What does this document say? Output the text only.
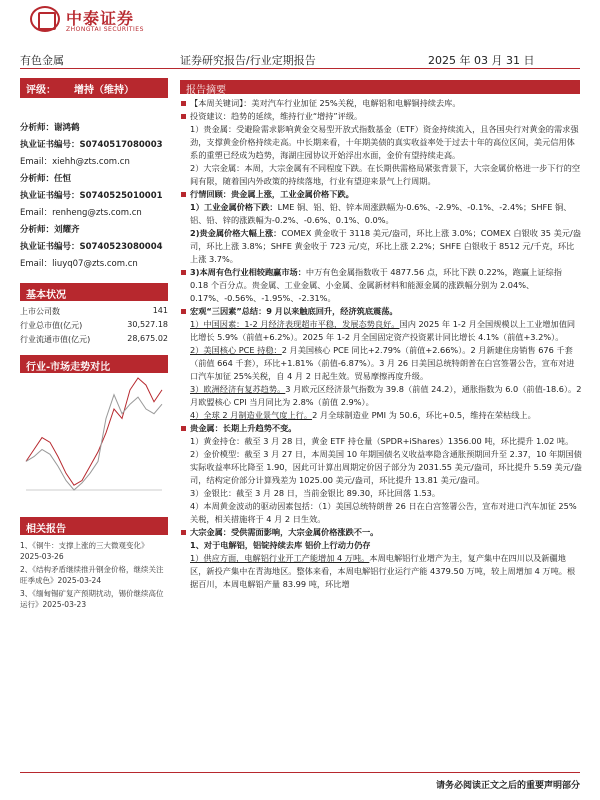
中泰证券
ZHONGTAI SECURITIES
有色金属	证券研究报告/行业定期报告	2025 年 03 月 31 日
评级： 增持（维持）
分析师：谢鸿鹤
执业证书编号：S0740517080003
Email：xiehh@zts.com.cn
分析师：任恒
执业证书编号：S0740525010001
Email：renheng@zts.com.cn
分析师：刘耀齐
执业证书编号：S0740523080004
Email：liuyq07@zts.com.cn
基本状况
上市公司数	141
行业总市值(亿元)	30,527.18
行业流通市值(亿元)	28,675.02
行业-市场走势对比
相关报告
1、《铜牛：支撑上涨的三大微观变化》2025-03-26
2、《结构矛盾继续推升钢金价格，继续关注旺季成色》2025-03-24
3、《缅甸锡矿复产预期扰动，锡价继续高位运行》2025-03-23
报告摘要
【本周关键词】：美对汽车行业加征 25%关税，电解铝和电解铜持续去库。
投资建议：趋势的延续，维持行业“增持”评级。
1）贵金属：受避险需求影响黄金交易型开放式指数基金（ETF）资金持续流入，且各国央行对黄金的需求强劲，支撑黄金价格持续走高。中长期来看，十年期美债的真实收益率处于过去十年的高位区间，美元信用体系的重塑已经成为趋势，海湖庄园协议开始浮出水面，金价有望持续走高。
2）大宗金属：本周，大宗金属有不同程度下跌。在长期供需格局紧张背景下，大宗金属价格进一步下行的空间有限，随着国内外政策的持续落地，行业有望迎来景气上行周期。
行情回顾：贵金属上涨，工业金属价格下跌。
1）工业金属价格下跌：LME 铜、铝、铅、锌本周涨跌幅为-0.6%、-2.9%、-0.1%、-2.4%；SHFE 铜、铝、铅、锌的涨跌幅为-0.2%、-0.6%、0.1%、0.0%。
2)贵金属价格大幅上涨：COMEX 黄金收于 3118 美元/盎司，环比上涨 3.0%；COMEX 白银收 35 美元/盎司，环比上涨 3.8%；SHFE 黄金收于 723 元/克，环比上涨 2.2%；SHFE 白银收于 8512 元/千克，环比上涨 3.7%。
3)本周有色行业相较跑赢市场：中万有色金属指数收于 4877.56 点，环比下跌 0.22%，跑赢上证综指 0.18 个百分点。贵金属、工业金属、小金属、金属新材料和能源金属的涨跌幅分别为 2.04%、0.17%、-0.56%、-1.95%、-2.31%。
宏观“三因素”总结：9 月以来触底回升，经济筑底震荡。
1）中国因素：1-2 月经济表现超市平稳，发展态势良好。国内 2025 年 1-2 月全国规模以上工业增加值同比增长 5.9%（前值+6.2%）。2025 年 1-2 月全国固定资产投资累计同比增长 4.1%（前值+3.2%）。
2）美国核心 PCE 持稳：2 月美国核心 PCE 同比+2.79%（前值+2.66%）。2 月新建住房销售 676 千套（前值 664 千套），环比+1.81%（前值-6.87%）。3 月 26 日美国总统特朗普在白宫签署公告，宣布对进口汽车加征 25%关税，自 4 月 2 日起生效。贸易摩擦再度升级。
3）欧洲经济有复苏趋势。3 月欧元区经济景气指数为 39.8（前值 24.2），通胀指数为 6.0（前值-18.6）。2 月欧盟核心 CPI 当月同比为 2.8%（前值 2.9%）。
4）全球 2 月制造业景气度上行。2 月全球制造业 PMI 为 50.6，环比+0.5，维持在荣枯线上。
贵金属：长期上升趋势不变。
1）黄金持仓：截至 3 月 28 日，黄金 ETF 持仓量（SPDR+iShares）1356.00 吨，环比提升 1.02 吨。
2）金价模型：截至 3 月 27 日，本周美国 10 年期国债名义收益率隐含通胀预期回升至 2.37，10 年期国债实际收益率环比降至 1.90，因此可计算出周期定价因子部分为 2031.55 美元/盎司，环比提升 5.59 美元/盎司，结构定价部分计算残差为 1025.00 美元/盎司，环比提升 13.81 美元/盎司。
3）金银比：截至 3 月 28 日，当前金银比 89.30，环比回落 1.53。
4）本周黄金波动的驱动因素包括：（1）美国总统特朗普 26 日在白宫签署公告，宣布对进口汽车加征 25%关税，相关措施将于 4 月 2 日生效。
大宗金属：受供需面影响，大宗金属价格涨跌不一。
1、对于电解铝，铝锭持续去库 铝价上行动力仍存
1）供应方面，电解铝行业开工产能增加 4 万吨。本周电解铝行业增产为主，复产集中在四川以及新疆地区，新投产集中在青海地区。整体来看，本周电解铝行业运行产能 4379.50 万吨，较上周增加 4 万吨。根据百川，本周电解铝产量 83.99 吨，环比增
请务必阅读正文之后的重要声明部分
